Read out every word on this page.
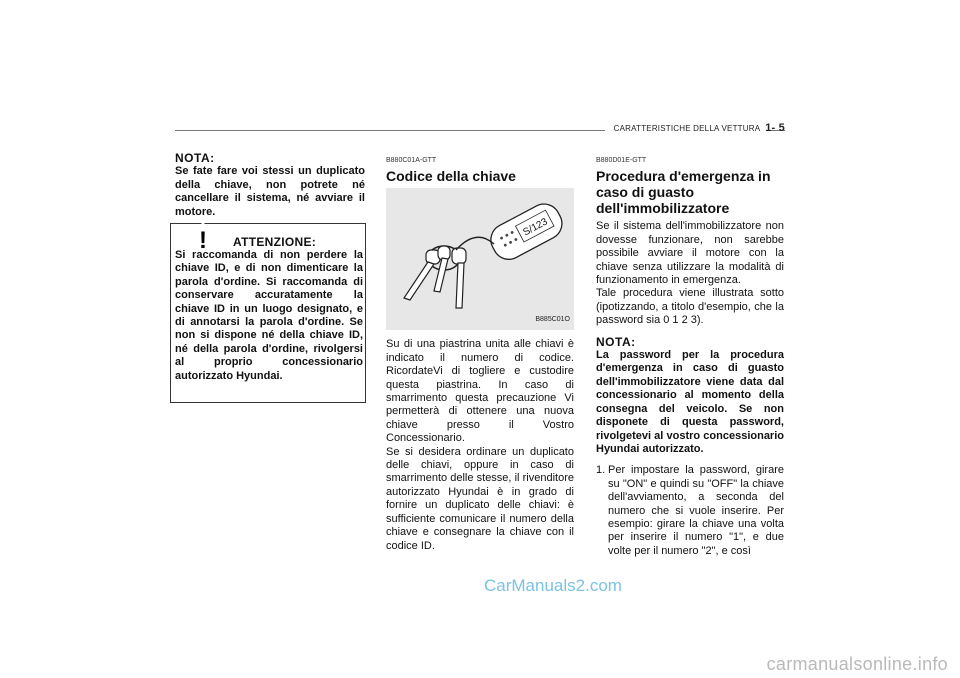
CARATTERISTICHE DELLA VETTURA 1- 5
NOTA:
Se fate fare voi stessi un duplicato della chiave, non potrete né cancellare il sistema, né avviare il motore.
! ATTENZIONE:
Si raccomanda di non perdere la chiave ID, e di non dimenticare la parola d'ordine. Si raccomanda di conservare accuratamente la chiave ID in un luogo designato, e di annotarsi la parola d'ordine. Se non si dispone né della chiave ID, né della parola d'ordine, rivolgersi al proprio concessionario autorizzato Hyundai.
B880C01A-GTT
Codice della chiave
S/123
B885C01O
Su di una piastrina unita alle chiavi è indicato il numero di codice. RicordateVi di togliere e custodire questa piastrina. In caso di smarrimento questa precauzione Vi permetterà di ottenere una nuova chiave presso il Vostro Concessionario.
Se si desidera ordinare un duplicato delle chiavi, oppure in caso di smarrimento delle stesse, il rivenditore autorizzato Hyundai è in grado di fornire un duplicato delle chiavi: è sufficiente comunicare il numero della chiave e consegnare la chiave con il codice ID.
B880D01E-GTT
Procedura d'emergenza in caso di guasto dell'immobilizzatore
Se il sistema dell'immobilizzatore non dovesse funzionare, non sarebbe possibile avviare il motore con la chiave senza utilizzare la modalità di funzionamento in emergenza.
Tale procedura viene illustrata sotto (ipotizzando, a titolo d'esempio, che la password sia 0 1 2 3).
NOTA:
La password per la procedura d'emergenza in caso di guasto dell'immobilizzatore viene data dal concessionario al momento della consegna del veicolo. Se non disponete di questa password, rivolgetevi al vostro concessionario Hyundai autorizzato.
1. Per impostare la password, girare su "ON" e quindi su "OFF" la chiave dell'avviamento, a seconda del numero che si vuole inserire. Per esempio: girare la chiave una volta per inserire il numero "1", e due volte per il numero "2", e così
CarManuals2.com
carmanualsonline.info
